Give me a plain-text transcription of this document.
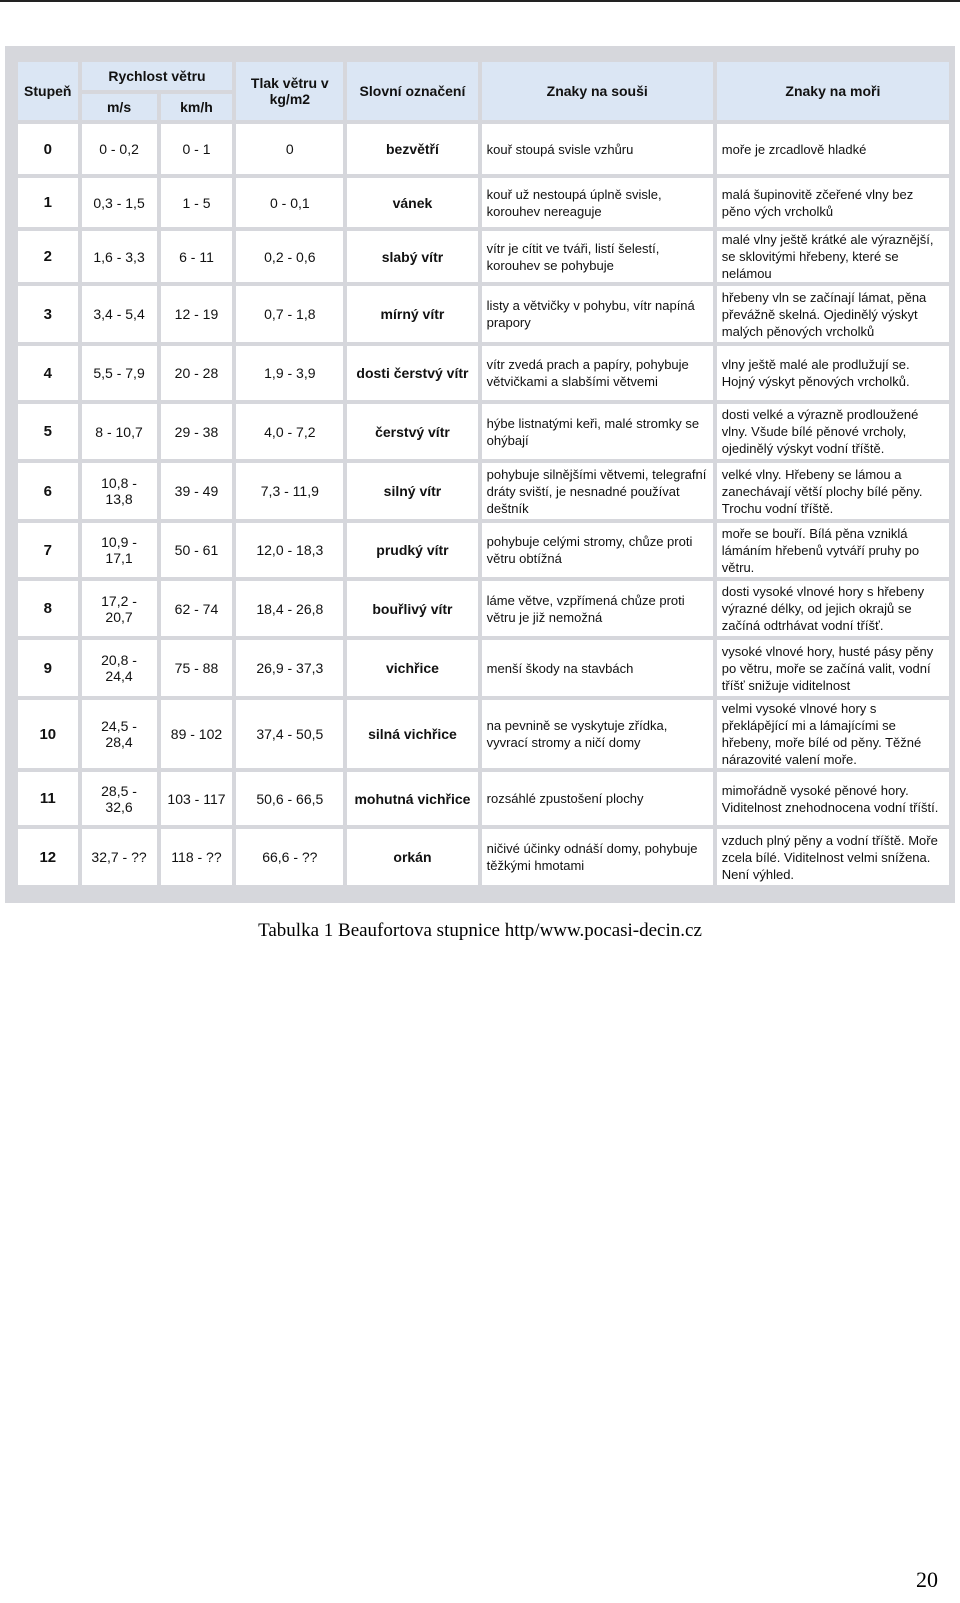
Stupeň	Rychlost větru		Tlak větru v kg/m2	Slovní označení	Znaky na souši	Znaky na moři
	m/s	km/h				
0	0 - 0,2	0 - 1	0	bezvětří	kouř stoupá svisle vzhůru	moře je zrcadlově hladké
1	0,3 - 1,5	1 - 5	0 - 0,1	vánek	kouř už nestoupá úplně svisle, korouhev nereaguje	malá šupinovitě zčeřené vlny bez pěno vých vrcholků
2	1,6 - 3,3	6 - 11	0,2 - 0,6	slabý vítr	vítr je cítit ve tváři, listí šelestí, korouhev se pohybuje	malé vlny ještě krátké ale výraznější, se sklovitými hřebeny, které se nelámou
3	3,4 - 5,4	12 - 19	0,7 - 1,8	mírný vítr	listy a větvičky v pohybu, vítr napíná prapory	hřebeny vln se začínají lámat, pěna převážně skelná. Ojedinělý výskyt malých pěnových vrcholků
4	5,5 - 7,9	20 - 28	1,9 - 3,9	dosti čerstvý vítr	vítr zvedá prach a papíry, pohybuje větvičkami a slabšími větvemi	vlny ještě malé ale prodlužují se. Hojný výskyt pěnových vrcholků.
5	8 - 10,7	29 - 38	4,0 - 7,2	čerstvý vítr	hýbe listnatými keři, malé stromky se ohýbají	dosti velké a výrazně prodloužené vlny. Všude bílé pěnové vrcholy, ojedinělý výskyt vodní tříště.
6	10,8 - 13,8	39 - 49	7,3 - 11,9	silný vítr	pohybuje silnějšími větvemi, telegrafní dráty sviští, je nesnadné používat deštník	velké vlny. Hřebeny se lámou a zanechávají větší plochy bílé pěny. Trochu vodní tříště.
7	10,9 - 17,1	50 - 61	12,0 - 18,3	prudký vítr	pohybuje celými stromy, chůze proti větru obtížná	moře se bouří. Bílá pěna vzniklá lámáním hřebenů vytváří pruhy po větru.
8	17,2 - 20,7	62 - 74	18,4 - 26,8	bouřlivý vítr	láme větve, vzpřímená chůze proti větru je již nemožná	dosti vysoké vlnové hory s hřebeny výrazné délky, od jejich okrajů se začíná odtrhávat vodní tříšť.
9	20,8 - 24,4	75 - 88	26,9 - 37,3	vichřice	menší škody na stavbách	vysoké vlnové hory, husté pásy pěny po větru, moře se začíná valit, vodní tříšť snižuje viditelnost
10	24,5 - 28,4	89 - 102	37,4 - 50,5	silná vichřice	na pevnině se vyskytuje zřídka, vyvrací stromy a ničí domy	velmi vysoké vlnové hory s překlápějící mi a lámajícími se hřebeny, moře bílé od pěny. Těžné nárazovité valení moře.
11	28,5 - 32,6	103 - 117	50,6 - 66,5	mohutná vichřice	rozsáhlé zpustošení plochy	mimořádně vysoké pěnové hory. Viditelnost znehodnocena vodní tříští.
12	32,7 - ??	118 - ??	66,6 - ??	orkán	ničivé účinky odnáší domy, pohybuje těžkými hmotami	vzduch plný pěny a vodní tříště. Moře zcela bílé. Viditelnost velmi snížena. Není výhled.
Tabulka 1 Beaufortova stupnice http/www.pocasi-decin.cz
20
